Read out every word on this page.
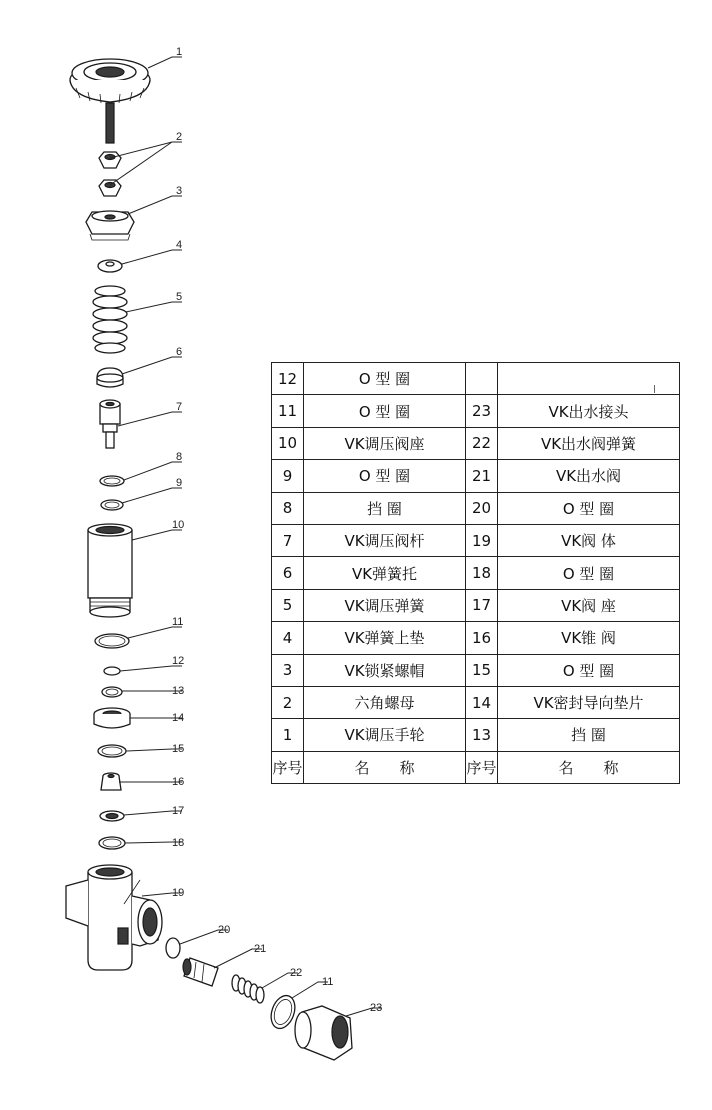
1
2
3
4
5
6
7
8
9
10
11
12
13
14
15
16
17
18
19
20
21
22
11
23
12	O 型 圈		
11	O 型 圈	23	VK出水接头
10	VK调压阀座	22	VK出水阀弹簧
9	O 型 圈	21	VK出水阀
8	挡 圈	20	O 型 圈
7	VK调压阀杆	19	VK阀 体
6	VK弹簧托	18	O 型 圈
5	VK调压弹簧	17	VK阀 座
4	VK弹簧上垫	16	VK锥 阀
3	VK锁紧螺帽	15	O 型 圈
2	六角螺母	14	VK密封导向垫片
1	VK调压手轮	13	挡 圈
序号	名　　称	序号	名　　称
